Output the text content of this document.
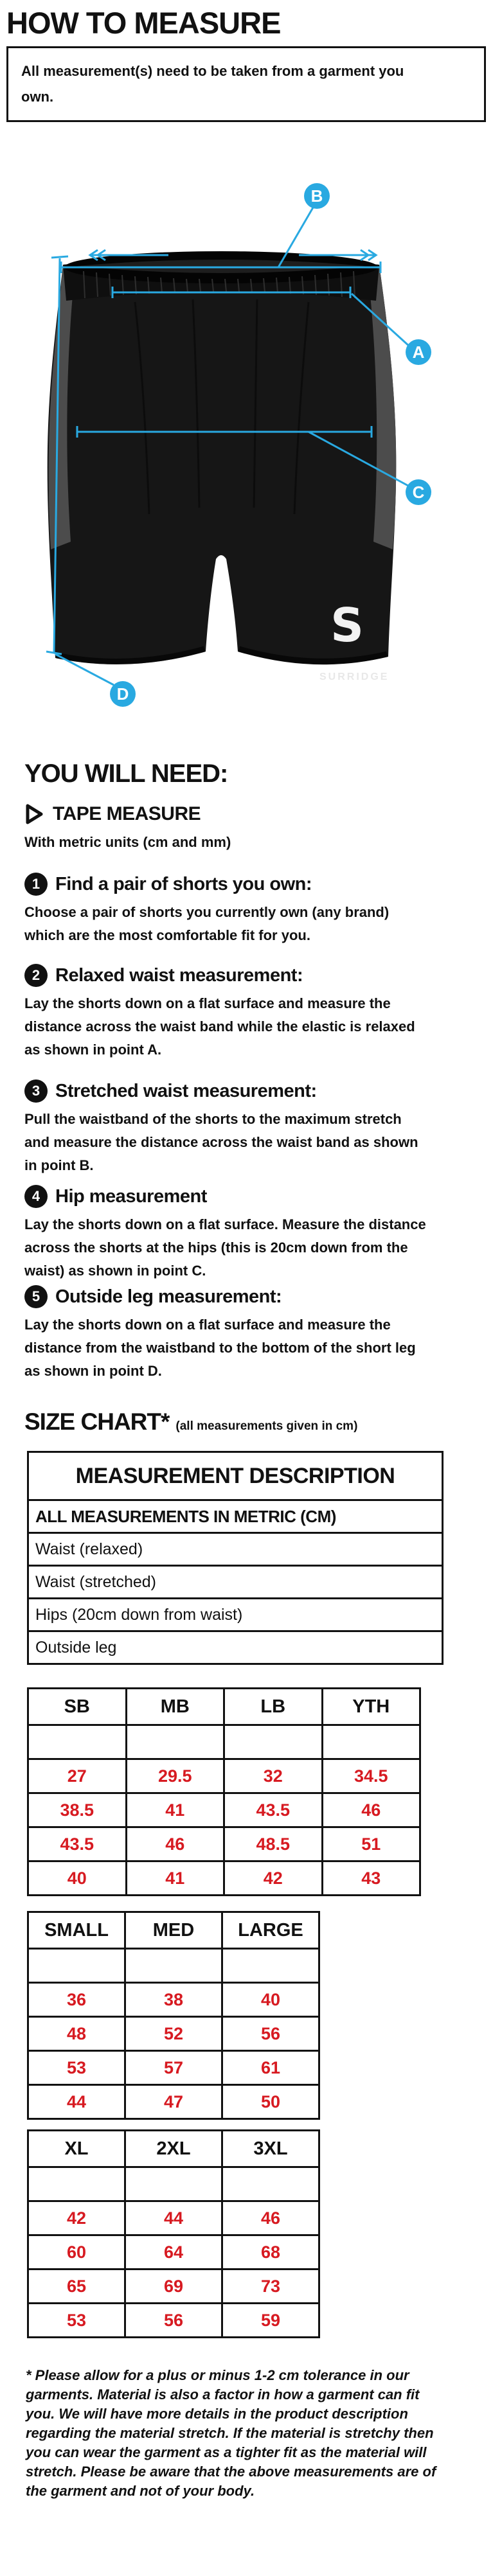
HOW TO MEASURE

All measurement(s) need to be taken from a garment you own.

S
SURRIDGE
B
A
C
D
YOU WILL NEED:
TAPE MEASURE
With metric units (cm and mm)
1 Find a pair of shorts you own:
Choose a pair of shorts you currently own (any brand) which are the most comfortable fit for you.
2 Relaxed waist measurement:
Lay the shorts down on a flat surface and measure the distance across the waist band while the elastic is relaxed as shown in point A.
3 Stretched waist measurement:
Pull the waistband of the shorts to the maximum stretch and measure the distance across the waist band as shown in point B.
4 Hip measurement
Lay the shorts down on a flat surface. Measure the distance across the shorts at the hips (this is 20cm down from the waist) as shown in point C.
5 Outside leg measurement:
Lay the shorts down on a flat surface and measure the distance from the waistband to the bottom of the short leg as shown in point D.
SIZE CHART* (all measurements given in cm)
MEASUREMENT DESCRIPTION
ALL MEASUREMENTS IN METRIC (CM)
Waist (relaxed)
Waist (stretched)
Hips (20cm down from waist)
Outside leg
SB	MB	LB	YTH

27	29.5	32	34.5
38.5	41	43.5	46
43.5	46	48.5	51
40	41	42	43
SMALL	MED	LARGE

36	38	40
48	52	56
53	57	61
44	47	50
XL	2XL	3XL

42	44	46
60	64	68
65	69	73
53	56	59
* Please allow for a plus or minus 1-2 cm tolerance in our garments. Material is also a factor in how a garment can fit you. We will have more details in the product description regarding the material stretch. If the material is stretchy then you can wear the garment as a tighter fit as the material will stretch. Please be aware that the above measurements are of the garment and not of your body.
